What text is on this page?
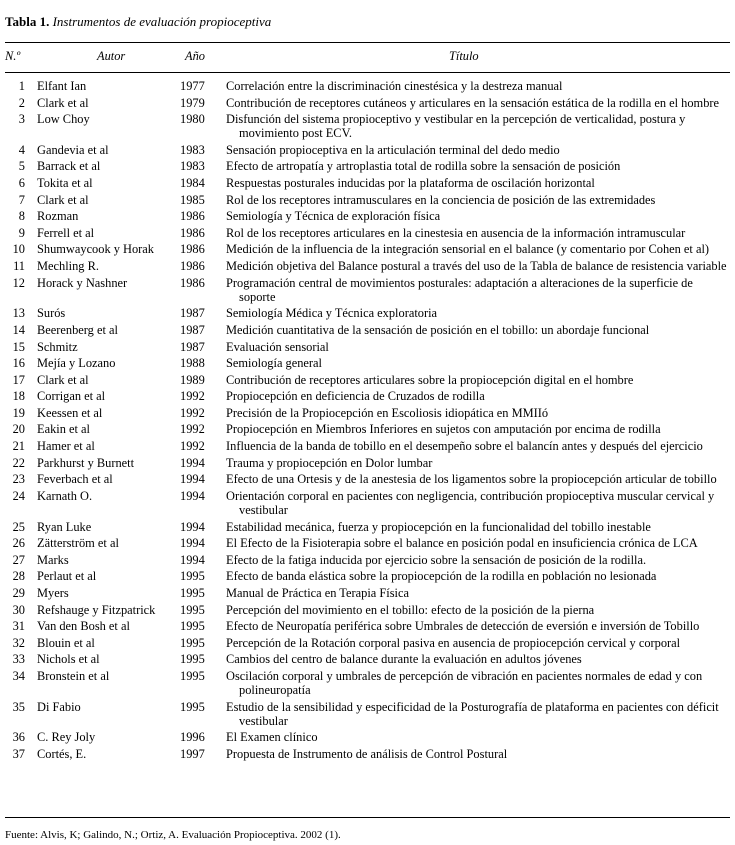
Tabla 1. Instrumentos de evaluación propioceptiva
N.º	Autor	Año	Título
1	Elfant Ian	1977	Correlación entre la discriminación cinestésica y la destreza manual

2	Clark et al	1979	Contribución de receptores cutáneos y articulares en la sensación estática de la rodilla en el hombre

3	Low Choy	1980	Disfunción del sistema propioceptivo y vestibular en la percepción de verticalidad, postura y movimiento post ECV.

4	Gandevia et al	1983	Sensación propioceptiva en la articulación terminal del dedo medio

5	Barrack et al	1983	Efecto de artropatía y artroplastia total de rodilla sobre la sensación de posición

6	Tokita et al	1984	Respuestas posturales inducidas por la plataforma de oscilación horizontal

7	Clark et al	1985	Rol de los receptores intramusculares en la conciencia de posición de las extremidades

8	Rozman	1986	Semiología y Técnica de exploración física

9	Ferrell et al	1986	Rol de los receptores articulares en la cinestesia en ausencia de la información intramuscular

10	Shumwaycook y Horak	1986	Medición de la influencia de la integración sensorial en el balance (y comentario por Cohen et al)

11	Mechling R.	1986	Medición objetiva del Balance postural a través del uso de la Tabla de balance de resistencia variable

12	Horack y Nashner	1986	Programación central de movimientos posturales: adaptación a alteraciones de la superficie de soporte

13	Surós	1987	Semiología Médica y Técnica exploratoria

14	Beerenberg et al	1987	Medición cuantitativa de la sensación de posición en el tobillo: un abordaje funcional

15	Schmitz	1987	Evaluación sensorial

16	Mejía y Lozano	1988	Semiología general

17	Clark et al	1989	Contribución de receptores articulares sobre la propiocepción digital en el hombre

18	Corrigan et al	1992	Propiocepción en deficiencia de Cruzados de rodilla

19	Keessen et al	1992	Precisión de la Propiocepción en Escoliosis idiopática en MMIIó

20	Eakin et al	1992	Propiocepción en Miembros Inferiores en sujetos con amputación por encima de rodilla

21	Hamer et al	1992	Influencia de la banda de tobillo en el desempeño sobre el balancín antes y después del ejercicio

22	Parkhurst y Burnett	1994	Trauma y propiocepción en Dolor lumbar

23	Feverbach et al	1994	Efecto de una Ortesis y de la anestesia de los ligamentos sobre la propiocepción articular de tobillo

24	Karnath O.	1994	Orientación corporal en pacientes con negligencia, contribución propioceptiva muscular cervical y vestibular

25	Ryan Luke	1994	Estabilidad mecánica, fuerza y propiocepción en la funcionalidad del tobillo inestable

26	Zätterström et al	1994	El Efecto de la Fisioterapia sobre el balance en posición podal en insuficiencia crónica de LCA

27	Marks	1994	Efecto de la fatiga inducida por ejercicio sobre la sensación de posición de la rodilla.

28	Perlaut et al	1995	Efecto de banda elástica sobre la propiocepción de la rodilla en población no lesionada

29	Myers	1995	Manual de Práctica en Terapia Física

30	Refshauge y Fitzpatrick	1995	Percepción del movimiento en el tobillo: efecto de la posición de la pierna

31	Van den Bosh et al	1995	Efecto de Neuropatía periférica sobre Umbrales de detección de eversión e inversión de Tobillo

32	Blouin et al	1995	Percepción de la Rotación corporal pasiva en ausencia de propiocepción cervical y corporal

33	Nichols et al	1995	Cambios del centro de balance durante la evaluación en adultos jóvenes

34	Bronstein et al	1995	Oscilación corporal y umbrales de percepción de vibración en pacientes normales de edad y con polineuropatía

35	Di Fabio	1995	Estudio de la sensibilidad y especificidad de la Posturografía de plataforma en pacientes con déficit vestibular

36	C. Rey Joly	1996	El Examen clínico

37	Cortés, E.	1997	Propuesta de Instrumento de análisis de Control Postural
Fuente: Alvis, K; Galindo, N.; Ortiz, A. Evaluación Propioceptiva. 2002 (1).
